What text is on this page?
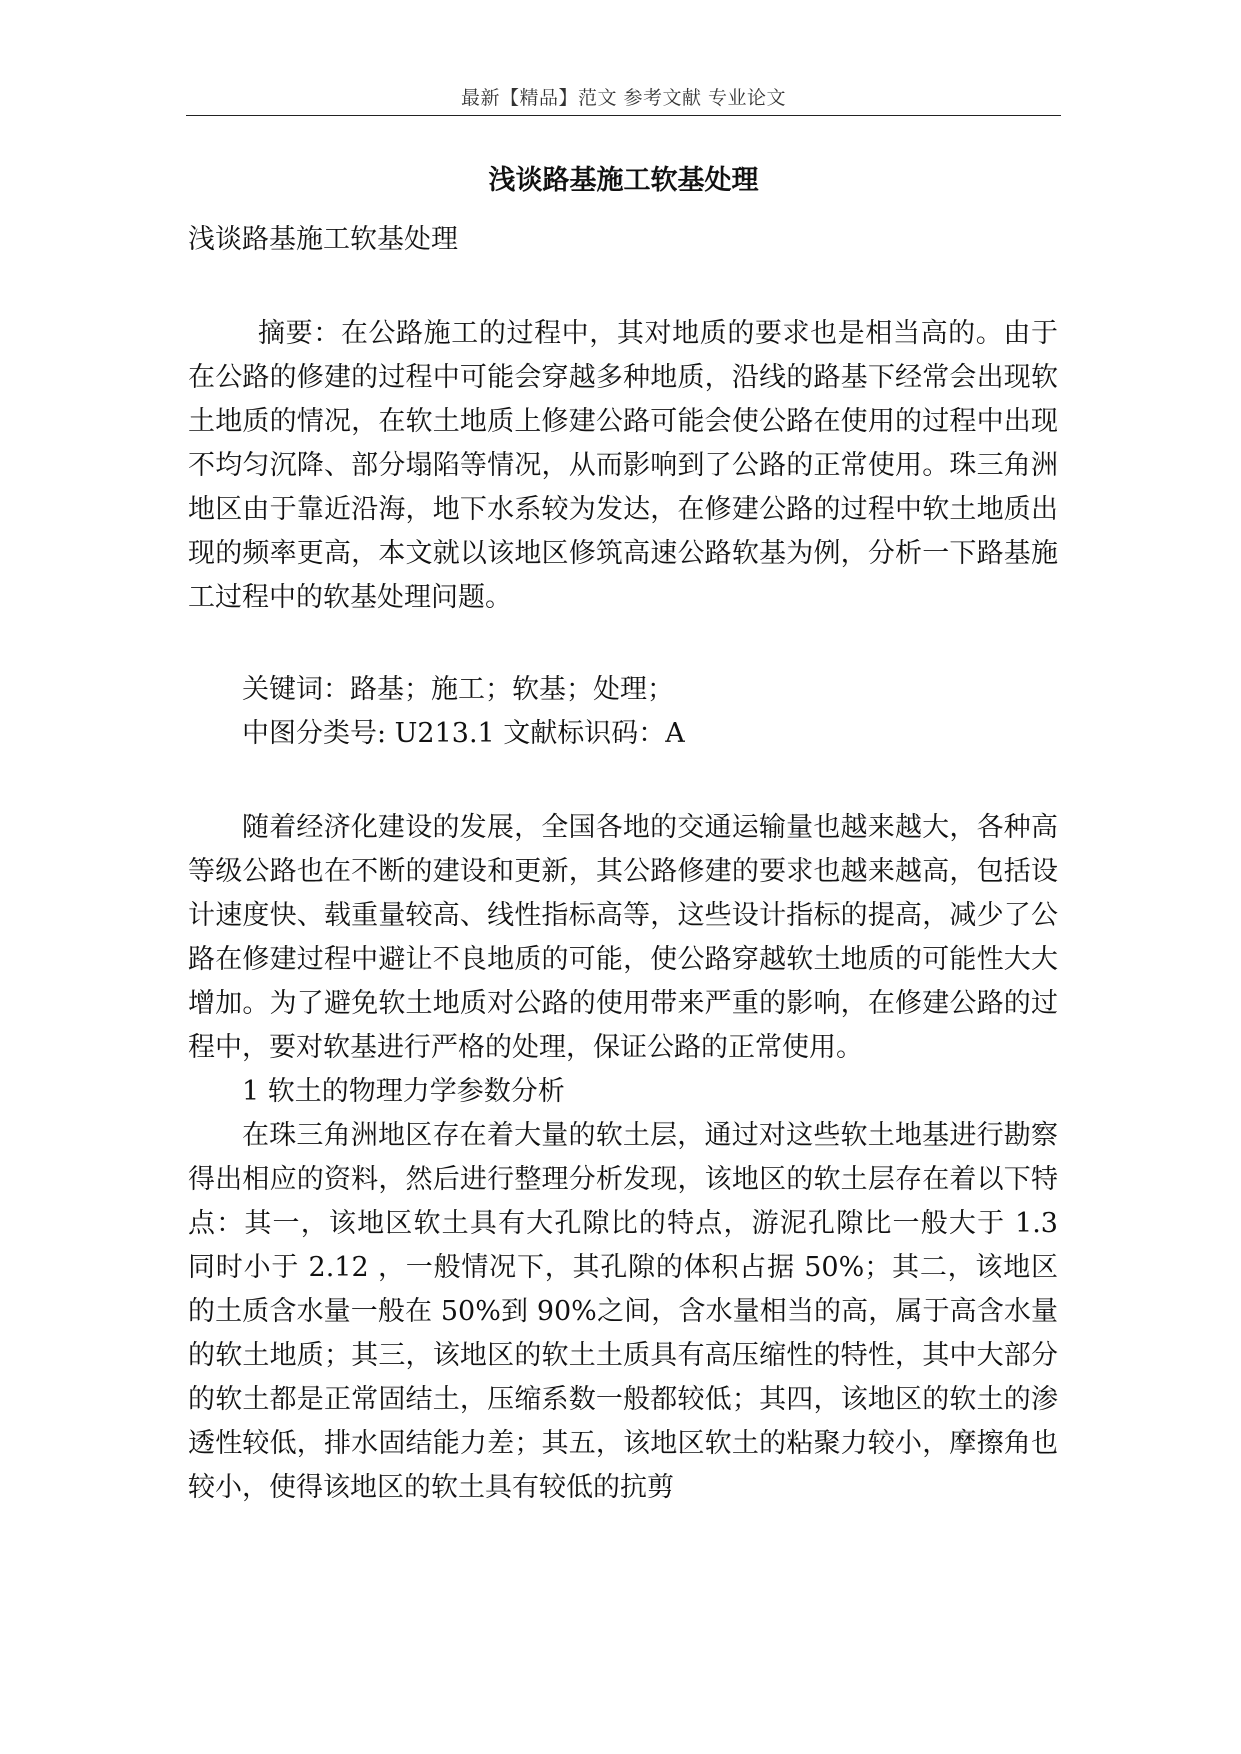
最新【精品】范文 参考文献 专业论文
浅谈路基施工软基处理

浅谈路基施工软基处理

摘要：在公路施工的过程中，其对地质的要求也是相当高的。由于在公路的修建的过程中可能会穿越多种地质，沿线的路基下经常会出现软土地质的情况，在软土地质上修建公路可能会使公路在使用的过程中出现不均匀沉降、部分塌陷等情况，从而影响到了公路的正常使用。珠三角洲地区由于靠近沿海，地下水系较为发达，在修建公路的过程中软土地质出现的频率更高，本文就以该地区修筑高速公路软基为例，分析一下路基施工过程中的软基处理问题。

关键词：路基；施工；软基；处理；

中图分类号: U213.1 文献标识码：A

随着经济化建设的发展，全国各地的交通运输量也越来越大，各种高等级公路也在不断的建设和更新，其公路修建的要求也越来越高，包括设计速度快、载重量较高、线性指标高等，这些设计指标的提高，减少了公路在修建过程中避让不良地质的可能，使公路穿越软土地质的可能性大大增加。为了避免软土地质对公路的使用带来严重的影响，在修建公路的过程中，要对软基进行严格的处理，保证公路的正常使用。

1 软土的物理力学参数分析

在珠三角洲地区存在着大量的软土层，通过对这些软土地基进行勘察得出相应的资料，然后进行整理分析发现，该地区的软土层存在着以下特点：其一，该地区软土具有大孔隙比的特点，游泥孔隙比一般大于 1.3 同时小于 2.12 ，一般情况下，其孔隙的体积占据 50%；其二，该地区的土质含水量一般在 50%到 90%之间，含水量相当的高，属于高含水量的软土地质；其三，该地区的软土土质具有高压缩性的特性，其中大部分的软土都是正常固结土，压缩系数一般都较低；其四，该地区的软土的渗透性较低，排水固结能力差；其五，该地区软土的粘聚力较小，摩擦角也较小，使得该地区的软土具有较低的抗剪
